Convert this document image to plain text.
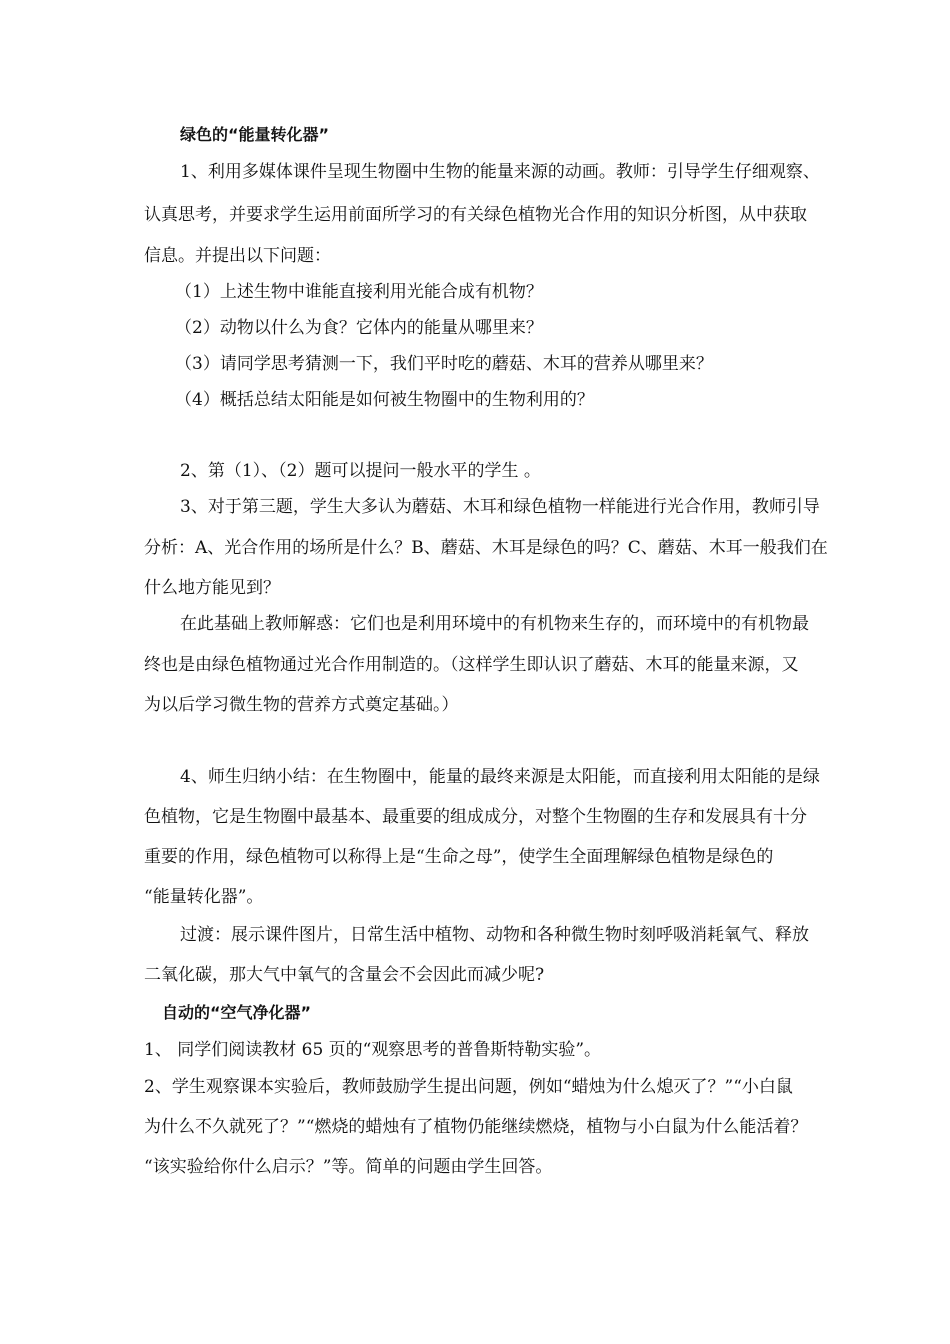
绿色的“能量转化器”
1、利用多媒体课件呈现生物圈中生物的能量来源的动画。教师：引导学生仔细观察、
认真思考，并要求学生运用前面所学习的有关绿色植物光合作用的知识分析图，从中获取
信息。并提出以下问题：
（1）上述生物中谁能直接利用光能合成有机物？
（2）动物以什么为食？它体内的能量从哪里来？
（3）请同学思考猜测一下，我们平时吃的蘑菇、木耳的营养从哪里来？
（4）概括总结太阳能是如何被生物圈中的生物利用的？
2、第（1）、（2）题可以提问一般水平的学生 。
3、对于第三题，学生大多认为蘑菇、木耳和绿色植物一样能进行光合作用，教师引导
分析：A、光合作用的场所是什么？B、蘑菇、木耳是绿色的吗？C、蘑菇、木耳一般我们在
什么地方能见到？
在此基础上教师解惑：它们也是利用环境中的有机物来生存的，而环境中的有机物最
终也是由绿色植物通过光合作用制造的。（这样学生即认识了蘑菇、木耳的能量来源，又
为以后学习微生物的营养方式奠定基础。）
4、师生归纳小结：在生物圈中，能量的最终来源是太阳能，而直接利用太阳能的是绿
色植物，它是生物圈中最基本、最重要的组成成分，对整个生物圈的生存和发展具有十分
重要的作用，绿色植物可以称得上是“生命之母”，使学生全面理解绿色植物是绿色的
“能量转化器”。
过渡：展示课件图片，日常生活中植物、动物和各种微生物时刻呼吸消耗氧气、释放
二氧化碳，那大气中氧气的含量会不会因此而减少呢?
自动的“空气净化器”
1、 同学们阅读教材 65 页的“观察思考的普鲁斯特勒实验”。
2、学生观察课本实验后，教师鼓励学生提出问题，例如“蜡烛为什么熄灭了？”“小白鼠
为什么不久就死了？”“燃烧的蜡烛有了植物仍能继续燃烧，植物与小白鼠为什么能活着？
“该实验给你什么启示？”等。简单的问题由学生回答。
